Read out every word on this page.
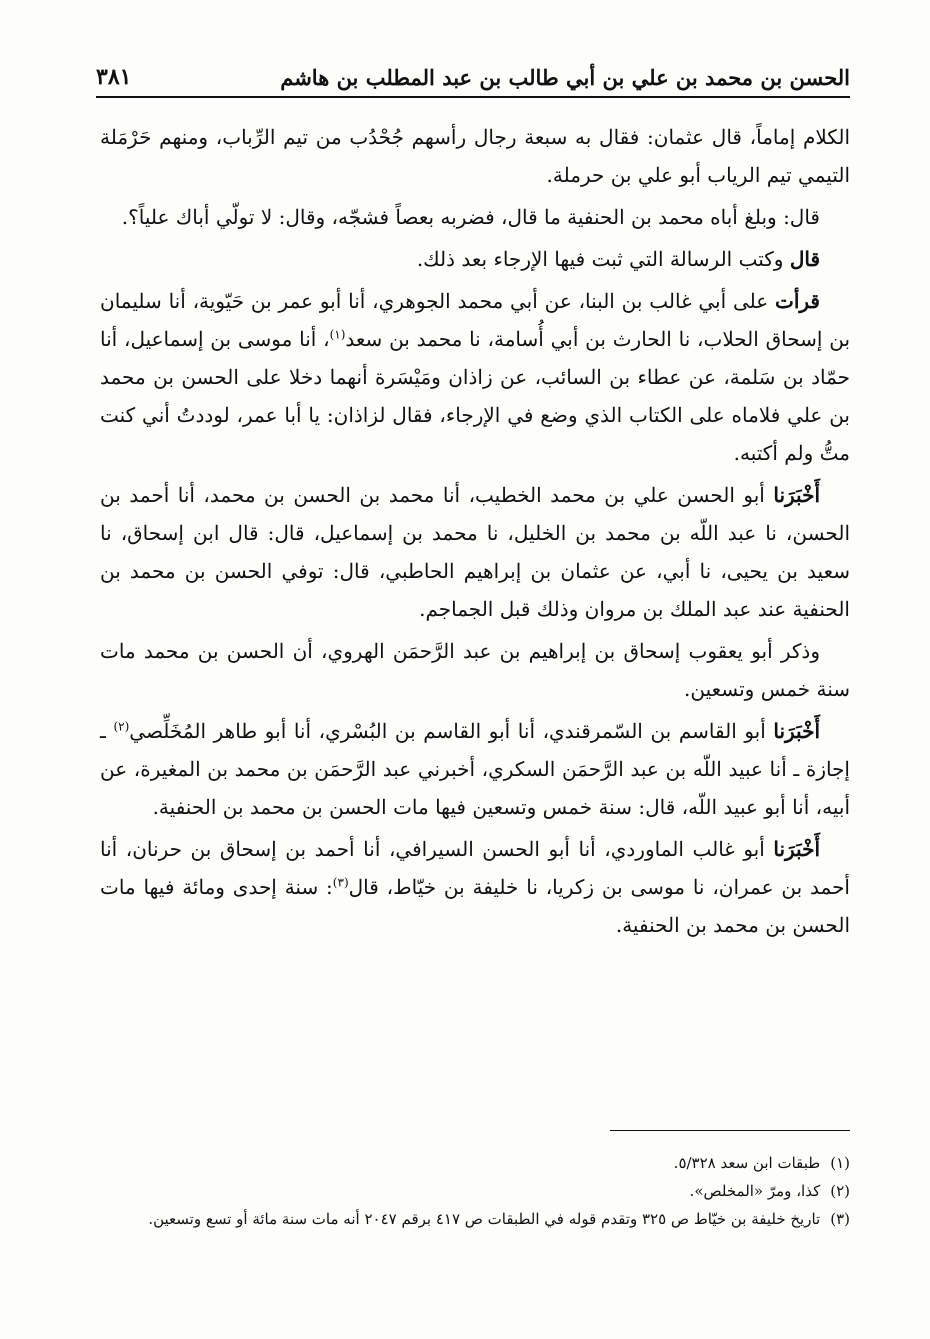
الحسن بن محمد بن علي بن أبي طالب بن عبد المطلب بن هاشم
٣٨١

الكلام إماماً، قال عثمان: فقال به سبعة رجال رأسهم جُحْدُب من تيم الرِّباب، ومنهم حَرْمَلة التيمي تيم الرياب أبو علي بن حرملة.

قال: وبلغ أباه محمد بن الحنفية ما قال، فضربه بعصاً فشجّه، وقال: لا تولّي أباك علياً؟.

قال وكتب الرسالة التي ثبت فيها الإرجاء بعد ذلك.

قرأت على أبي غالب بن البنا، عن أبي محمد الجوهري، أنا أبو عمر بن حَيّوية، أنا سليمان بن إسحاق الحلاب، نا الحارث بن أبي أُسامة، نا محمد بن سعد$^{(١)}$، أنا موسى بن إسماعيل، أنا حمّاد بن سَلمة، عن عطاء بن السائب، عن زاذان ومَيْسَرة أنهما دخلا على الحسن بن محمد بن علي فلاماه على الكتاب الذي وضع في الإرجاء، فقال لزاذان: يا أبا عمر، لوددتُ أني كنت متُّ ولم أكتبه.

أَخْبَرَنا أبو الحسن علي بن محمد الخطيب، أنا محمد بن الحسن بن محمد، أنا أحمد بن الحسن، نا عبد اللّه بن محمد بن الخليل، نا محمد بن إسماعيل، قال: قال ابن إسحاق، نا سعيد بن يحيى، نا أبي، عن عثمان بن إبراهيم الحاطبي، قال: توفي الحسن بن محمد بن الحنفية عند عبد الملك بن مروان وذلك قبل الجماجم.

وذكر أبو يعقوب إسحاق بن إبراهيم بن عبد الرَّحمَن الهروي، أن الحسن بن محمد مات سنة خمس وتسعين.

أَخْبَرَنا أبو القاسم بن السّمرقندي، أنا أبو القاسم بن البُسْري، أنا أبو طاهر المُخَلِّصي$^{(٢)}$ ـ إجازة ـ أنا عبيد اللّه بن عبد الرَّحمَن السكري، أخبرني عبد الرَّحمَن بن محمد بن المغيرة، عن أبيه، أنا أبو عبيد اللّه، قال: سنة خمس وتسعين فيها مات الحسن بن محمد بن الحنفية.

أَخْبَرَنا أبو غالب الماوردي، أنا أبو الحسن السيرافي، أنا أحمد بن إسحاق بن حرنان، أنا أحمد بن عمران، نا موسى بن زكريا، نا خليفة بن خيّاط، قال$^{(٣)}$: سنة إحدى ومائة فيها مات الحسن بن محمد بن الحنفية.

(١)
طبقات ابن سعد ٥/٣٢٨.
(٢)
كذا، ومرّ «المخلص».
(٣)
تاريخ خليفة بن خيّاط ص ٣٢٥ وتقدم قوله في الطبقات ص ٤١٧ برقم ٢٠٤٧ أنه مات سنة مائة أو تسع وتسعين.
